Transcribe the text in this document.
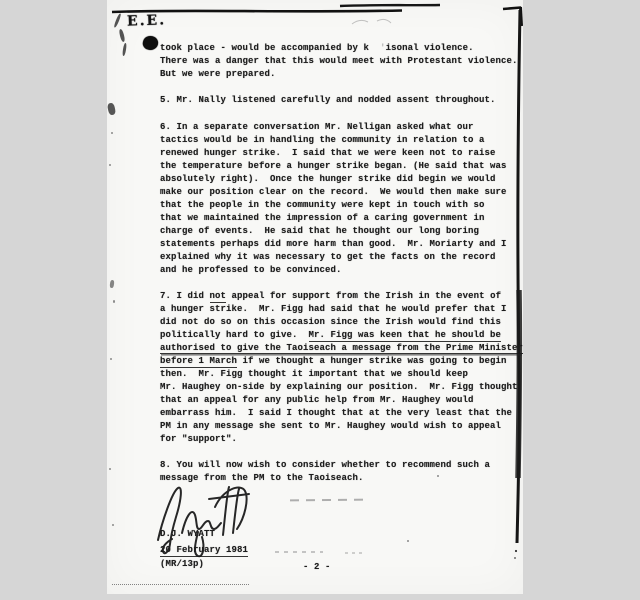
E.E.
took place - would be accompanied by k  'isonal violence.
There was a danger that this would meet with Protestant violence.
But we were prepared.
5. Mr. Nally listened carefully and nodded assent throughout.
6. In a separate conversation Mr. Nelligan asked what our
tactics would be in handling the community in relation to a
renewed hunger strike.  I said that we were keen not to raise
the temperature before a hunger strike began. (He said that was
absolutely right).  Once the hunger strike did begin we would
make our position clear on the record.  We would then make sure
that the people in the community were kept in touch with so
that we maintained the impression of a caring government in
charge of events.  He said that he thought our long boring
statements perhaps did more harm than good.  Mr. Moriarty and I
explained why it was necessary to get the facts on the record
and he professed to be convinced.
7. I did not appeal for support from the Irish in the event of
a hunger strike.  Mr. Figg had said that he would prefer that I
did not do so on this occasion since the Irish would find this
politically hard to give.  Mr. Figg was keen that he should be
authorised to give the Taoiseach a message from the Prime Minister
before 1 March if we thought a hunger strike was going to begin
then.  Mr. Figg thought it important that we should keep
Mr. Haughey on-side by explaining our position.  Mr. Figg thought
that an appeal for any public help from Mr. Haughey would
embarrass him.  I said I thought that at the very least that the
PM in any message she sent to Mr. Haughey would wish to appeal
for "support".
8. You will now wish to consider whether to recommend such a
message from the PM to the Taoiseach.
D.J. WYATT
20 February 1981
(MR/13p)	- 2 -
